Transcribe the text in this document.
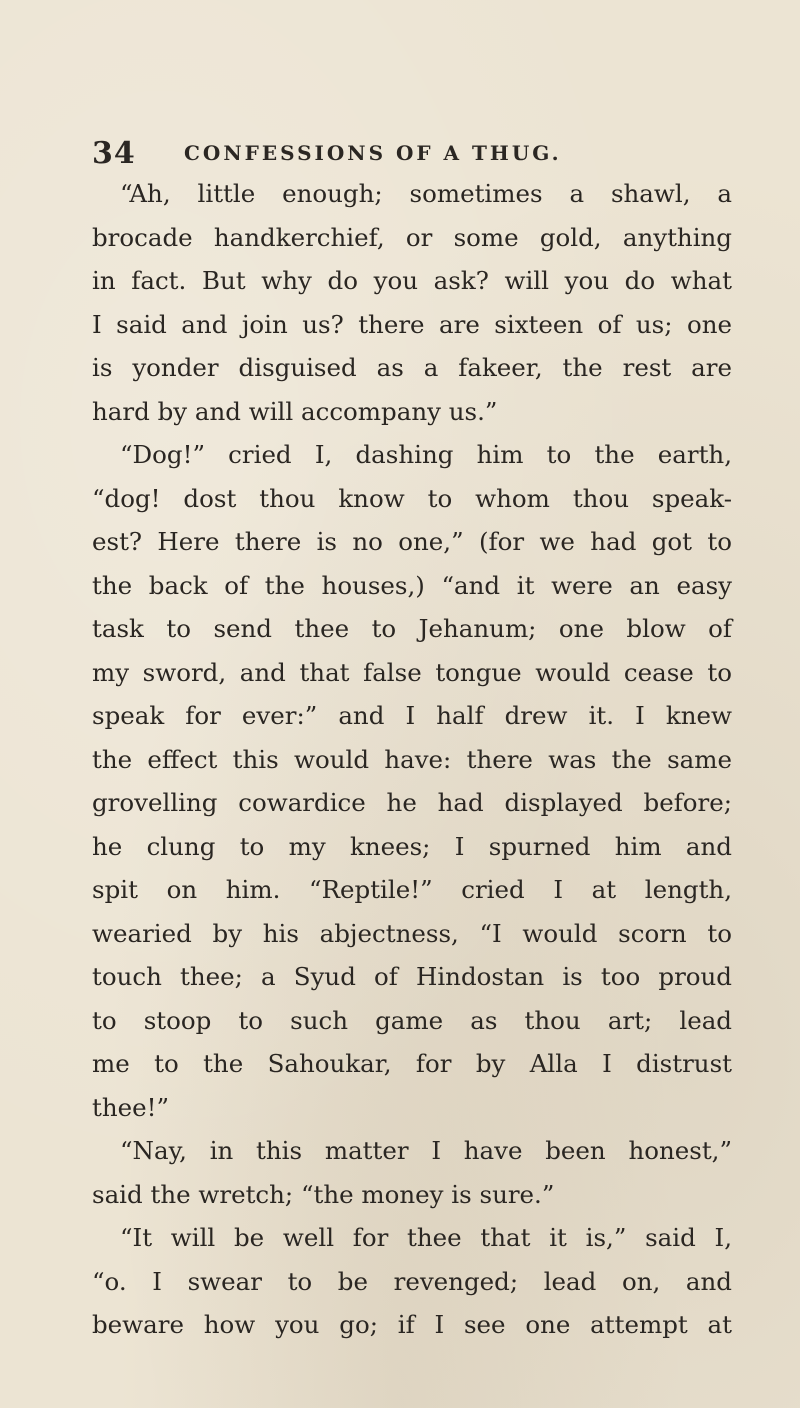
34 CONFESSIONS OF A THUG.
“Ah, little enough; sometimes a shawl, a
brocade handkerchief, or some gold, anything
in fact. But why do you ask? will you do what
I said and join us? there are sixteen of us; one
is yonder disguised as a fakeer, the rest are
hard by and will accompany us.”
“Dog!” cried I, dashing him to the earth,
“dog! dost thou know to whom thou speak-
est? Here there is no one,” (for we had got to
the back of the houses,) “and it were an easy
task to send thee to Jehanum; one blow of
my sword, and that false tongue would cease to
speak for ever:” and I half drew it. I knew
the effect this would have: there was the same
grovelling cowardice he had displayed before;
he clung to my knees; I spurned him and
spit on him. “Reptile!” cried I at length,
wearied by his abjectness, “I would scorn to
touch thee; a Syud of Hindostan is too proud
to stoop to such game as thou art; lead
me to the Sahoukar, for by Alla I distrust
thee!”
“Nay, in this matter I have been honest,”
said the wretch; “the money is sure.”
“It will be well for thee that it is,” said I,
“o. I swear to be revenged; lead on, and
beware how you go; if I see one attempt at
